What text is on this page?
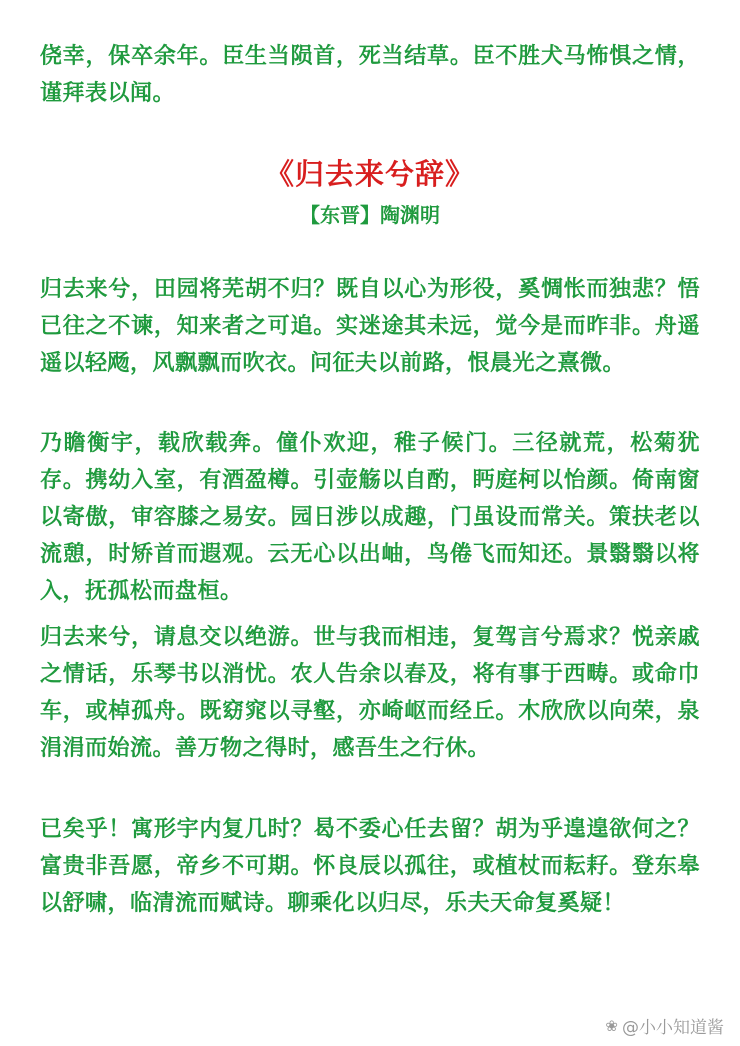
侥幸，保卒余年。臣生当陨首，死当结草。臣不胜犬马怖惧之情，谨拜表以闻。

《归去来兮辞》
【东晋】陶渊明

归去来兮，田园将芜胡不归？既自以心为形役，奚惆怅而独悲？悟已往之不谏，知来者之可追。实迷途其未远，觉今是而昨非。舟遥遥以轻飏，风飘飘而吹衣。问征夫以前路，恨晨光之熹微。

乃瞻衡宇，载欣载奔。僮仆欢迎，稚子候门。三径就荒，松菊犹存。携幼入室，有酒盈樽。引壶觞以自酌，眄庭柯以怡颜。倚南窗以寄傲，审容膝之易安。园日涉以成趣，门虽设而常关。策扶老以流憩，时矫首而遐观。云无心以出岫，鸟倦飞而知还。景翳翳以将入，抚孤松而盘桓。

归去来兮，请息交以绝游。世与我而相违，复驾言兮焉求？悦亲戚之情话，乐琴书以消忧。农人告余以春及，将有事于西畴。或命巾车，或棹孤舟。既窈窕以寻壑，亦崎岖而经丘。木欣欣以向荣，泉涓涓而始流。善万物之得时，感吾生之行休。

已矣乎！寓形宇内复几时？曷不委心任去留？胡为乎遑遑欲何之？富贵非吾愿，帝乡不可期。怀良辰以孤往，或植杖而耘耔。登东皋以舒啸，临清流而赋诗。聊乘化以归尽，乐夫天命复奚疑！

❀ @小小知道酱
